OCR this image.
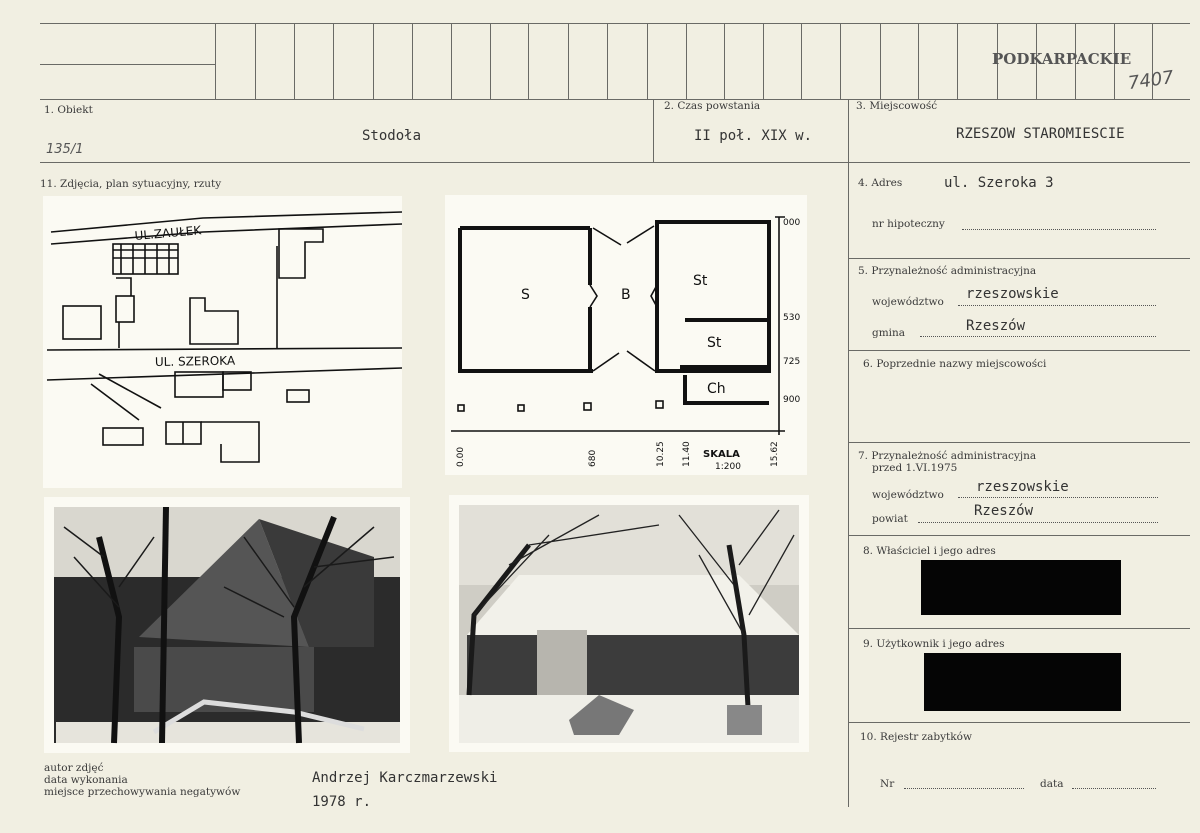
PODKARPACKIE
7407
1. Obiekt
Stodoła
135/1
2. Czas powstania
II poł. XIX w.
3. Miejscowość
RZESZOW STAROMIESCIE
11. Zdjęcia, plan sytuacyjny, rzuty	4. Adres	ul. Szeroka 3
nr hipoteczny
5. Przynależność administracyjna
województwo rzeszowskie
gmina	Rzeszów
6. Poprzednie nazwy miejscowości
7. Przynależność administracyjna
przed 1.VI.1975
województwo rzeszowskie
powiat	Rzeszów
8. Właściciel i jego adres
9. Użytkownik i jego adres
10. Rejestr zabytków
Nr	data
UL.ZAUŁEK
UL. SZEROKA
S	B
St
St
Ch
000
530
725
900
0.00	680	10.25 11.40	15.62
SKALA
1:200
autor zdjęć
data wykonania
miejsce przechowywania negatywów
Andrzej Karczmarzewski
1978 r.
